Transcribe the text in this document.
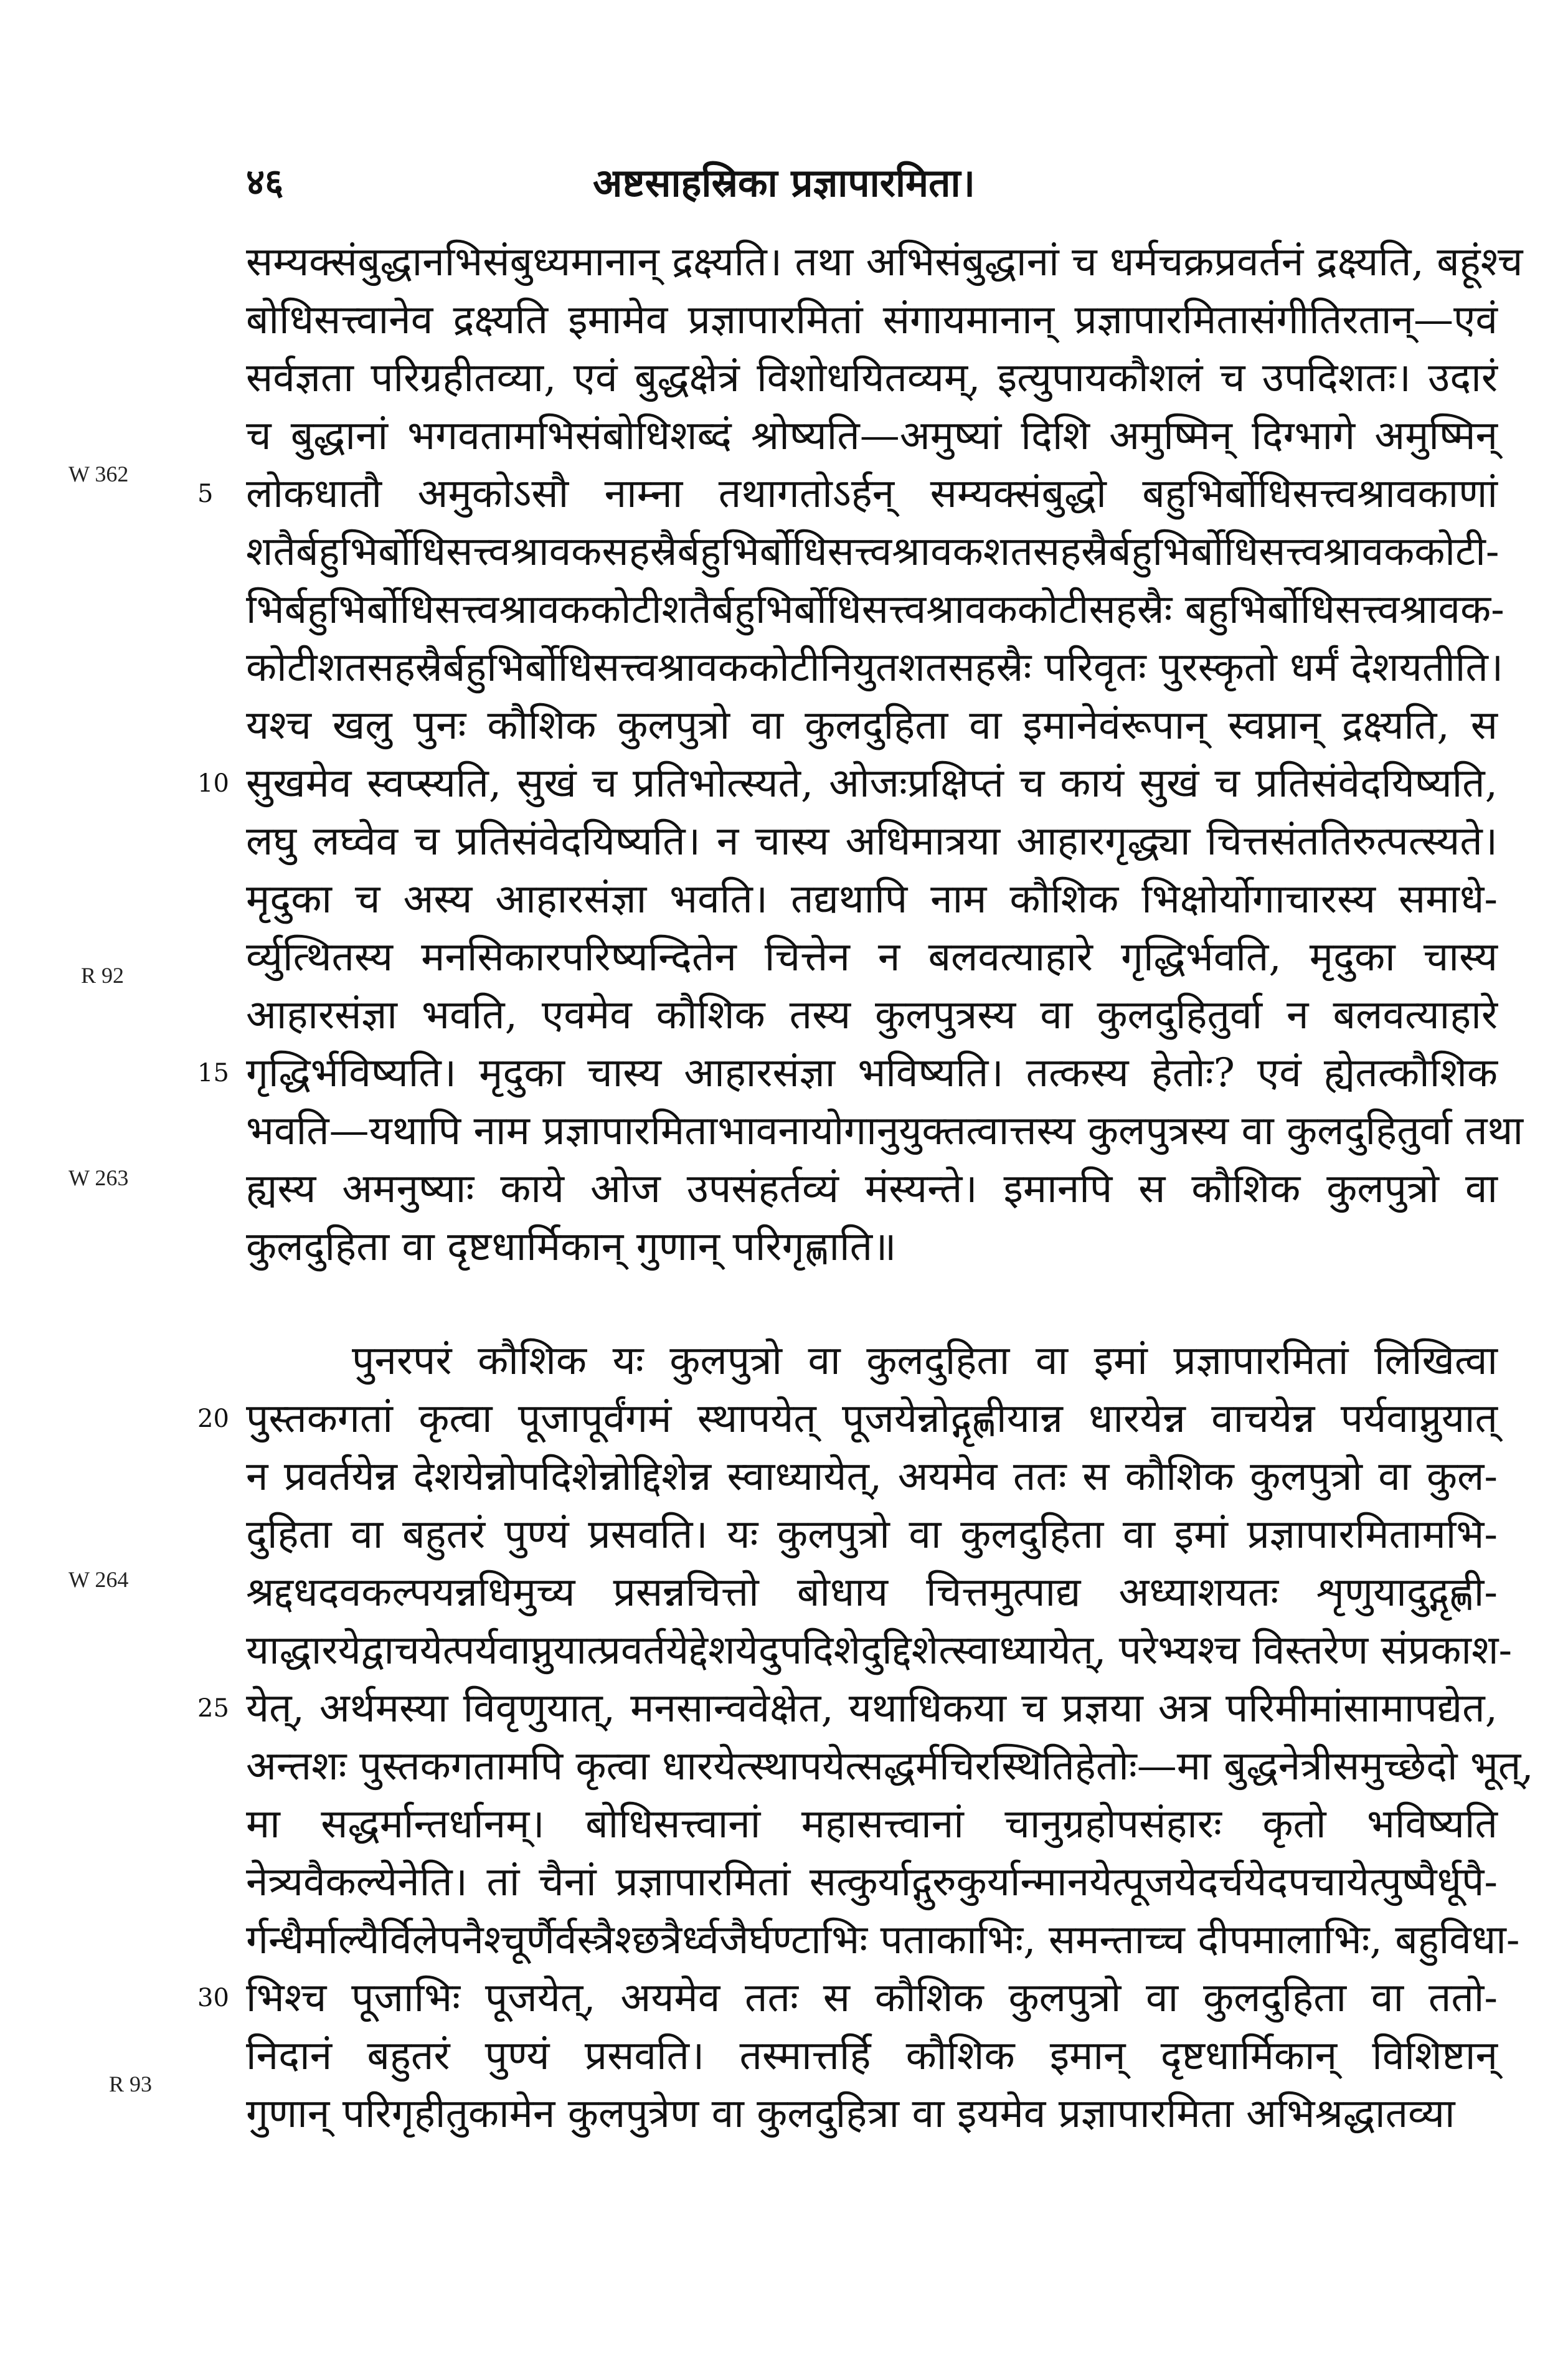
४६	अष्टसाहस्रिका प्रज्ञापारमिता।
W 362
R 92
W 263
W 264
R 93
सम्यक्संबुद्धानभिसंबुध्यमानान् द्रक्ष्यति। तथा अभिसंबुद्धानां च धर्मचक्रप्रवर्तनं द्रक्ष्यति, बहूंश्च
बोधिसत्त्वानेव द्रक्ष्यति इमामेव प्रज्ञापारमितां संगायमानान् प्रज्ञापारमितासंगीतिरतान्—एवं
सर्वज्ञता परिग्रहीतव्या, एवं बुद्धक्षेत्रं विशोधयितव्यम्, इत्युपायकौशलं च उपदिशतः। उदारं
च बुद्धानां भगवतामभिसंबोधिशब्दं श्रोष्यति—अमुष्यां दिशि अमुष्मिन् दिग्भागे अमुष्मिन्
5 लोकधातौ अमुकोऽसौ नाम्ना तथागतोऽर्हन् सम्यक्संबुद्धो बहुभिर्बोधिसत्त्वश्रावकाणां
शतैर्बहुभिर्बोधिसत्त्वश्रावकसहस्रैर्बहुभिर्बोधिसत्त्वश्रावकशतसहस्रैर्बहुभिर्बोधिसत्त्वश्रावककोटी-
भिर्बहुभिर्बोधिसत्त्वश्रावककोटीशतैर्बहुभिर्बोधिसत्त्वश्रावककोटीसहस्रैः बहुभिर्बोधिसत्त्वश्रावक-
कोटीशतसहस्रैर्बहुभिर्बोधिसत्त्वश्रावककोटीनियुतशतसहस्रैः परिवृतः पुरस्कृतो धर्मं देशयतीति।
यश्च खलु पुनः कौशिक कुलपुत्रो वा कुलदुहिता वा इमानेवंरूपान् स्वप्नान् द्रक्ष्यति, स
10 सुखमेव स्वप्स्यति, सुखं च प्रतिभोत्स्यते, ओजःप्रक्षिप्तं च कायं सुखं च प्रतिसंवेदयिष्यति,
लघु लघ्वेव च प्रतिसंवेदयिष्यति। न चास्य अधिमात्रया आहारगृद्ध्या चित्तसंततिरुत्पत्स्यते।
मृदुका च अस्य आहारसंज्ञा भवति। तद्यथापि नाम कौशिक भिक्षोर्योगाचारस्य समाधे-
र्व्युत्थितस्य मनसिकारपरिष्यन्दितेन चित्तेन न बलवत्याहारे गृद्धिर्भवति, मृदुका चास्य
आहारसंज्ञा भवति, एवमेव कौशिक तस्य कुलपुत्रस्य वा कुलदुहितुर्वा न बलवत्याहारे
15 गृद्धिर्भविष्यति। मृदुका चास्य आहारसंज्ञा भविष्यति। तत्कस्य हेतोः? एवं ह्येतत्कौशिक
भवति—यथापि नाम प्रज्ञापारमिताभावनायोगानुयुक्तत्वात्तस्य कुलपुत्रस्य वा कुलदुहितुर्वा तथा
ह्यस्य अमनुष्याः काये ओज उपसंहर्तव्यं मंस्यन्ते। इमानपि स कौशिक कुलपुत्रो वा
कुलदुहिता वा दृष्टधार्मिकान् गुणान् परिगृह्णाति॥
पुनरपरं कौशिक यः कुलपुत्रो वा कुलदुहिता वा इमां प्रज्ञापारमितां लिखित्वा
20 पुस्तकगतां कृत्वा पूजापूर्वंगमं स्थापयेत् पूजयेन्नोद्गृह्णीयान्न धारयेन्न वाचयेन्न पर्यवाप्नुयात्
न प्रवर्तयेन्न देशयेन्नोपदिशेन्नोद्दिशेन्न स्वाध्यायेत्, अयमेव ततः स कौशिक कुलपुत्रो वा कुल-
दुहिता वा बहुतरं पुण्यं प्रसवति। यः कुलपुत्रो वा कुलदुहिता वा इमां प्रज्ञापारमितामभि-
श्रद्दधदवकल्पयन्नधिमुच्य प्रसन्नचित्तो बोधाय चित्तमुत्पाद्य अध्याशयतः शृणुयादुद्गृह्णी-
याद्धारयेद्वाचयेत्पर्यवाप्नुयात्प्रवर्तयेद्देशयेदुपदिशेदुद्दिशेत्स्वाध्यायेत्, परेभ्यश्च विस्तरेण संप्रकाश-
25 येत्, अर्थमस्या विवृणुयात्, मनसान्ववेक्षेत, यथाधिकया च प्रज्ञया अत्र परिमीमांसामापद्येत,
अन्तशः पुस्तकगतामपि कृत्वा धारयेत्स्थापयेत्सद्धर्मचिरस्थितिहेतोः—मा बुद्धनेत्रीसमुच्छेदो भूत्,
मा सद्धर्मान्तर्धानम्। बोधिसत्त्वानां महासत्त्वानां चानुग्रहोपसंहारः कृतो भविष्यति
नेत्र्यवैकल्येनेति। तां चैनां प्रज्ञापारमितां सत्कुर्याद्गुरुकुर्यान्मानयेत्पूजयेदर्चयेदपचायेत्पुष्पैर्धूपै-
र्गन्धैर्माल्यैर्विलेपनैश्चूर्णैर्वस्त्रैश्छत्रैर्ध्वजैर्घण्टाभिः पताकाभिः, समन्ताच्च दीपमालाभिः, बहुविधा-
30 भिश्च पूजाभिः पूजयेत्, अयमेव ततः स कौशिक कुलपुत्रो वा कुलदुहिता वा ततो-
निदानं बहुतरं पुण्यं प्रसवति। तस्मात्तर्हि कौशिक इमान् दृष्टधार्मिकान् विशिष्टान्
गुणान् परिगृहीतुकामेन कुलपुत्रेण वा कुलदुहित्रा वा इयमेव प्रज्ञापारमिता अभिश्रद्धातव्या
